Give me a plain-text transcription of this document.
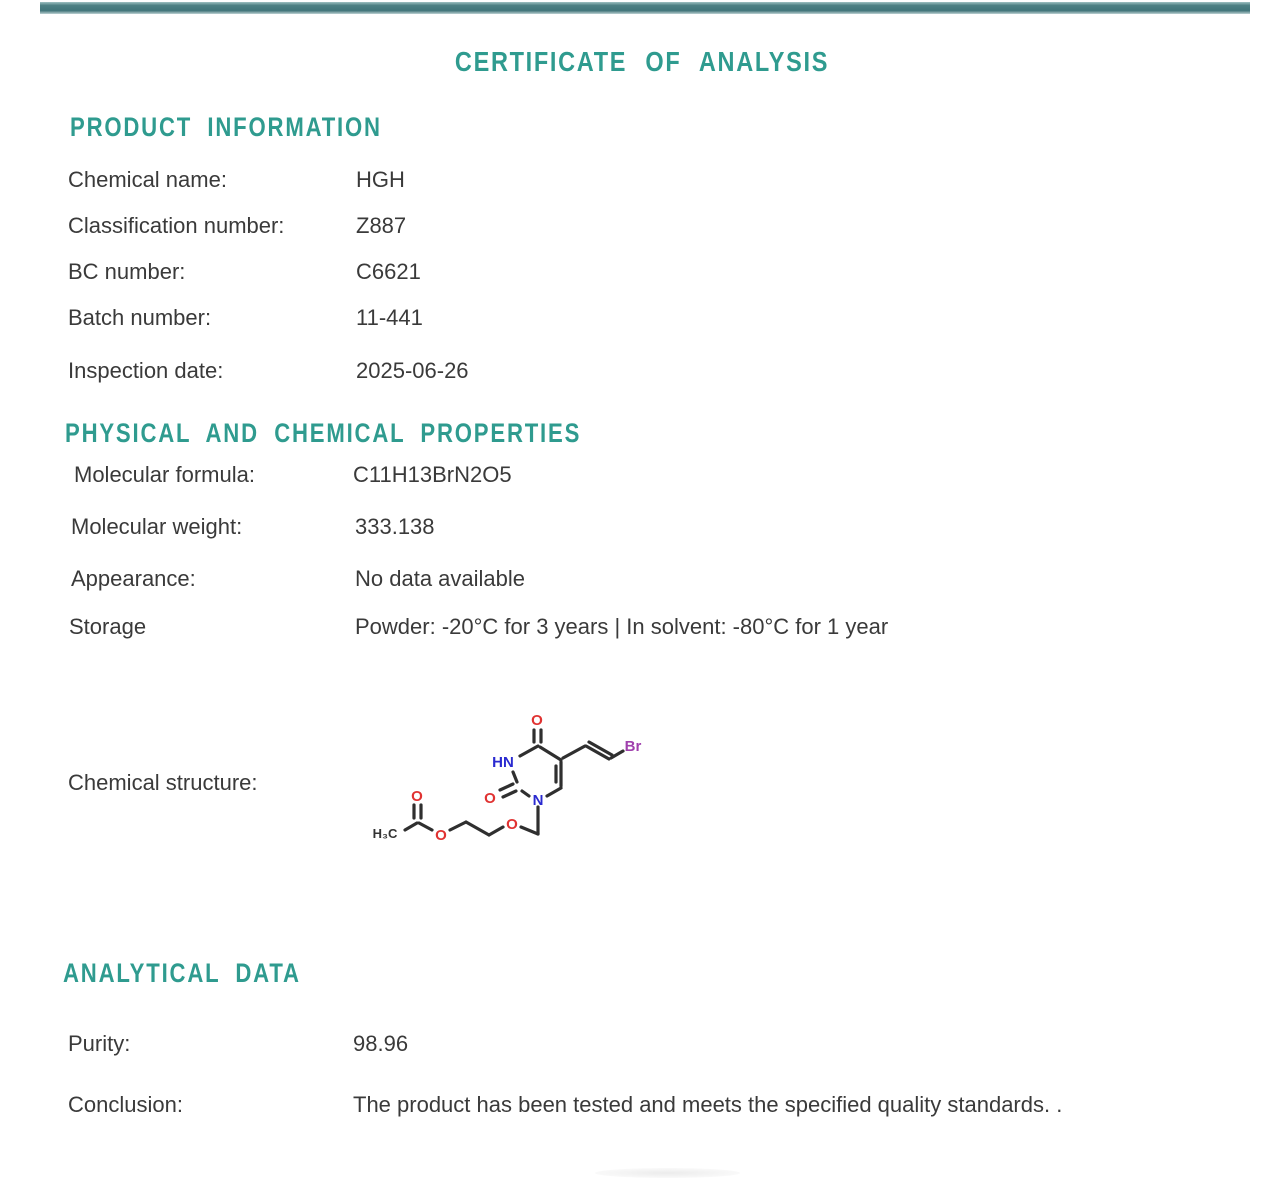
CERTIFICATE OF ANALYSIS
PRODUCT INFORMATION
Chemical name:	HGH
Classification number:	Z887
BC number:	C6621
Batch number:	11-441
Inspection date:	2025-06-26
PHYSICAL AND CHEMICAL PROPERTIES
Molecular formula:	C11H13BrN2O5
Molecular weight:	333.138
Appearance:	No data available
Storage	Powder: -20°C for 3 years | In solvent: -80°C for 1 year
Chemical structure:
O
HN
O N
Br
O
O
O
H₃C
ANALYTICAL DATA
Purity:	98.96
Conclusion:	The product has been tested and meets the specified quality standards. .
